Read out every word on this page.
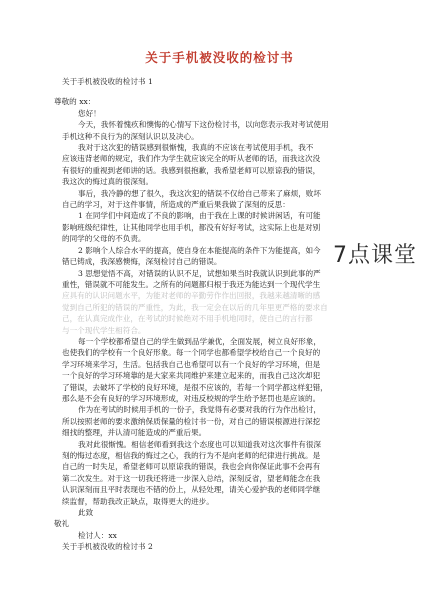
关于手机被没收的检讨书
关于手机被没收的检讨书 1
尊敬的 xx：
您好！
今天，我怀着愧疚和懊悔的心情写下这份检讨书，以向您表示我对考试使用
手机这种不良行为的深刻认识以及决心。
我对于这次犯的错误感到很惭愧，我真的不应该在考试使用手机，我不
应该违背老师的规定，我们作为学生就应该完全的听从老师的话，而我这次没
有很好的重视到老师讲的话。我感到很抱歉，我希望老师可以原谅我的错误，
我这次的悔过真的很深刻。
事后，我冷静的想了很久，我这次犯的错误不仅给自己带来了麻烦，败坏
自己的学习，对于这件事情，所造成的严重后果我做了深刻的反思：
1 在同学们中间造成了不良的影响，由于我在上课的时候讲闲话，有可能
影响班级纪律性，让其他同学也用手机，都没有好好考试，这实际上也是对别
的同学的父母的不负责。
2 影响个人综合水平的提高，使自身在本能提高的条件下为能提高，如今
错已铸成，我深感懊悔，深刻检讨自己的错误。
3 思想觉悟不高，对错误的认识不足，试想如果当时我就认识到此事的严
重性，错误就不可能发生。之所有的问题都归根于我还为能达到一个现代学生
应具有的认识问题水平，为能对老师的辛勤劳作作出回报，我越来越清晰的感
觉到自己所犯的错误的严重性，为此，我一定会在以后的几年里更严格的要求自
己，在认真完成作业，在考试的时候绝对不用手机地同时，使自己的言行都
与一个现代学生相符合。
每一个学校都希望自己的学生做到品学兼优，全面发展，树立良好形象，
也使我们的学校有一个良好形象。每一个同学也都希望学校给自己一个良好的
学习环境来学习，生活。包括我自己也希望可以有一个良好的学习环境，但是
一个良好的学习环境靠的是大家来共同维护来建立起来的，而我自己这次却犯
了错误，去破坏了学校的良好环境，是很不应该的，若每一个同学都这样犯错，
那么是不会有良好的学习环境形成，对违反校规的学生给予惩罚也是应该的。
作为在考试的时候用手机的一份子，我觉得有必要对我的行为作出检讨，
所以按照老师的要求激纳保质保量的检讨书一份，对自己的错误根源进行深挖
细找的整理，并认清可能造成的严重后果。
我对此很惭愧。相信老师看到我这个态度也可以知道我对这次事件有很深
刻的悔过态度，相信我的悔过之心，我的行为不是向老师的纪律进行挑战。是
自己的一时失足，希望老师可以原谅我的错误，我也会向你保证此事不会再有
第二次发生。对于这一切我还将进一步深入总结，深刻反省，望老师能念在我
认识深刻而且平时表现也不错的份上，从轻处理，请关心爱护我的老师同学继
续监督，帮助我改正缺点，取得更大的进步。
此致
敬礼
检讨人：xx
关于手机被没收的检讨书 2
7点课堂
